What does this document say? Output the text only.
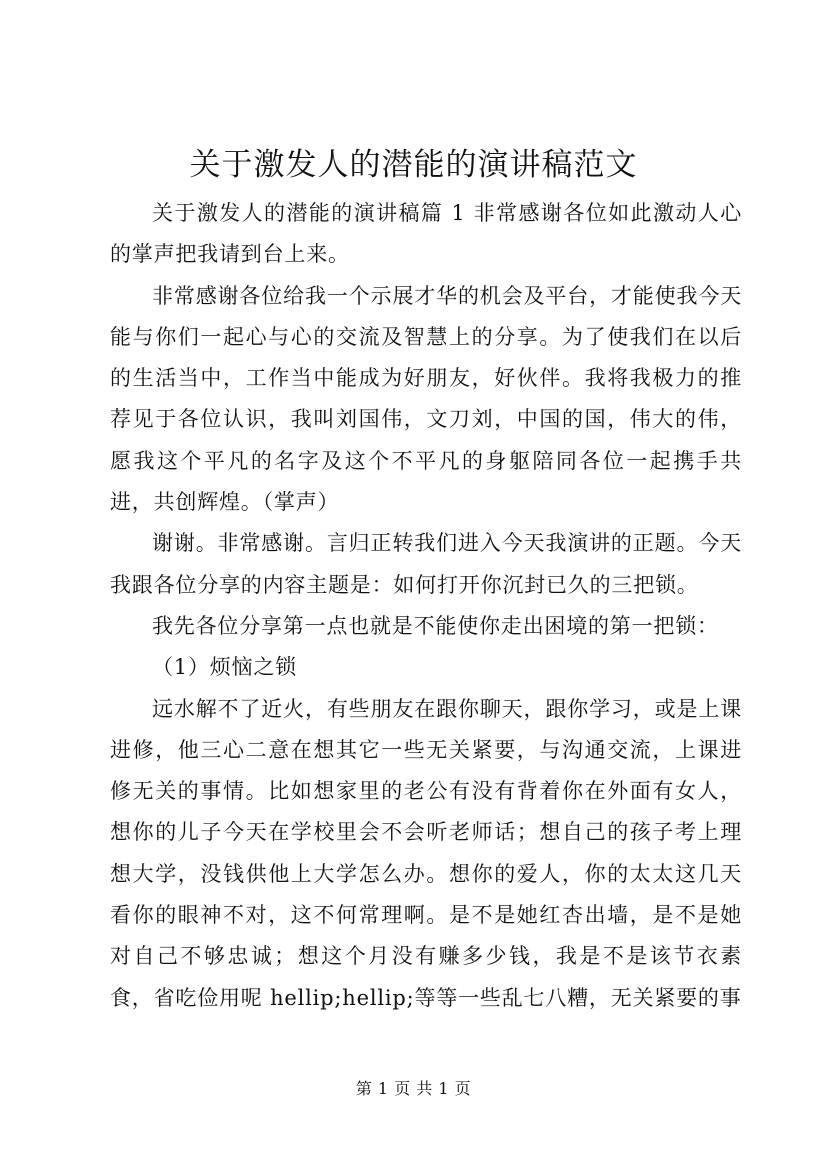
关于激发人的潜能的演讲稿范文

关于激发人的潜能的演讲稿篇 1 非常感谢各位如此激动人心的掌声把我请到台上来。

非常感谢各位给我一个示展才华的机会及平台，才能使我今天能与你们一起心与心的交流及智慧上的分享。为了使我们在以后的生活当中，工作当中能成为好朋友，好伙伴。我将我极力的推荐见于各位认识，我叫刘国伟，文刀刘，中国的国，伟大的伟，愿我这个平凡的名字及这个不平凡的身躯陪同各位一起携手共进，共创辉煌。（掌声）

谢谢。非常感谢。言归正转我们进入今天我演讲的正题。今天我跟各位分享的内容主题是：如何打开你沉封已久的三把锁。

我先各位分享第一点也就是不能使你走出困境的第一把锁：

（1）烦恼之锁

远水解不了近火，有些朋友在跟你聊天，跟你学习，或是上课进修，他三心二意在想其它一些无关紧要，与沟通交流，上课进修无关的事情。比如想家里的老公有没有背着你在外面有女人，想你的儿子今天在学校里会不会听老师话；想自己的孩子考上理想大学，没钱供他上大学怎么办。想你的爱人，你的太太这几天看你的眼神不对，这不何常理啊。是不是她红杏出墙，是不是她对自己不够忠诚；想这个月没有赚多少钱，我是不是该节衣素食，省吃俭用呢 hellip;hellip;等等一些乱七八糟，无关紧要的事

第 1 页 共 1 页
